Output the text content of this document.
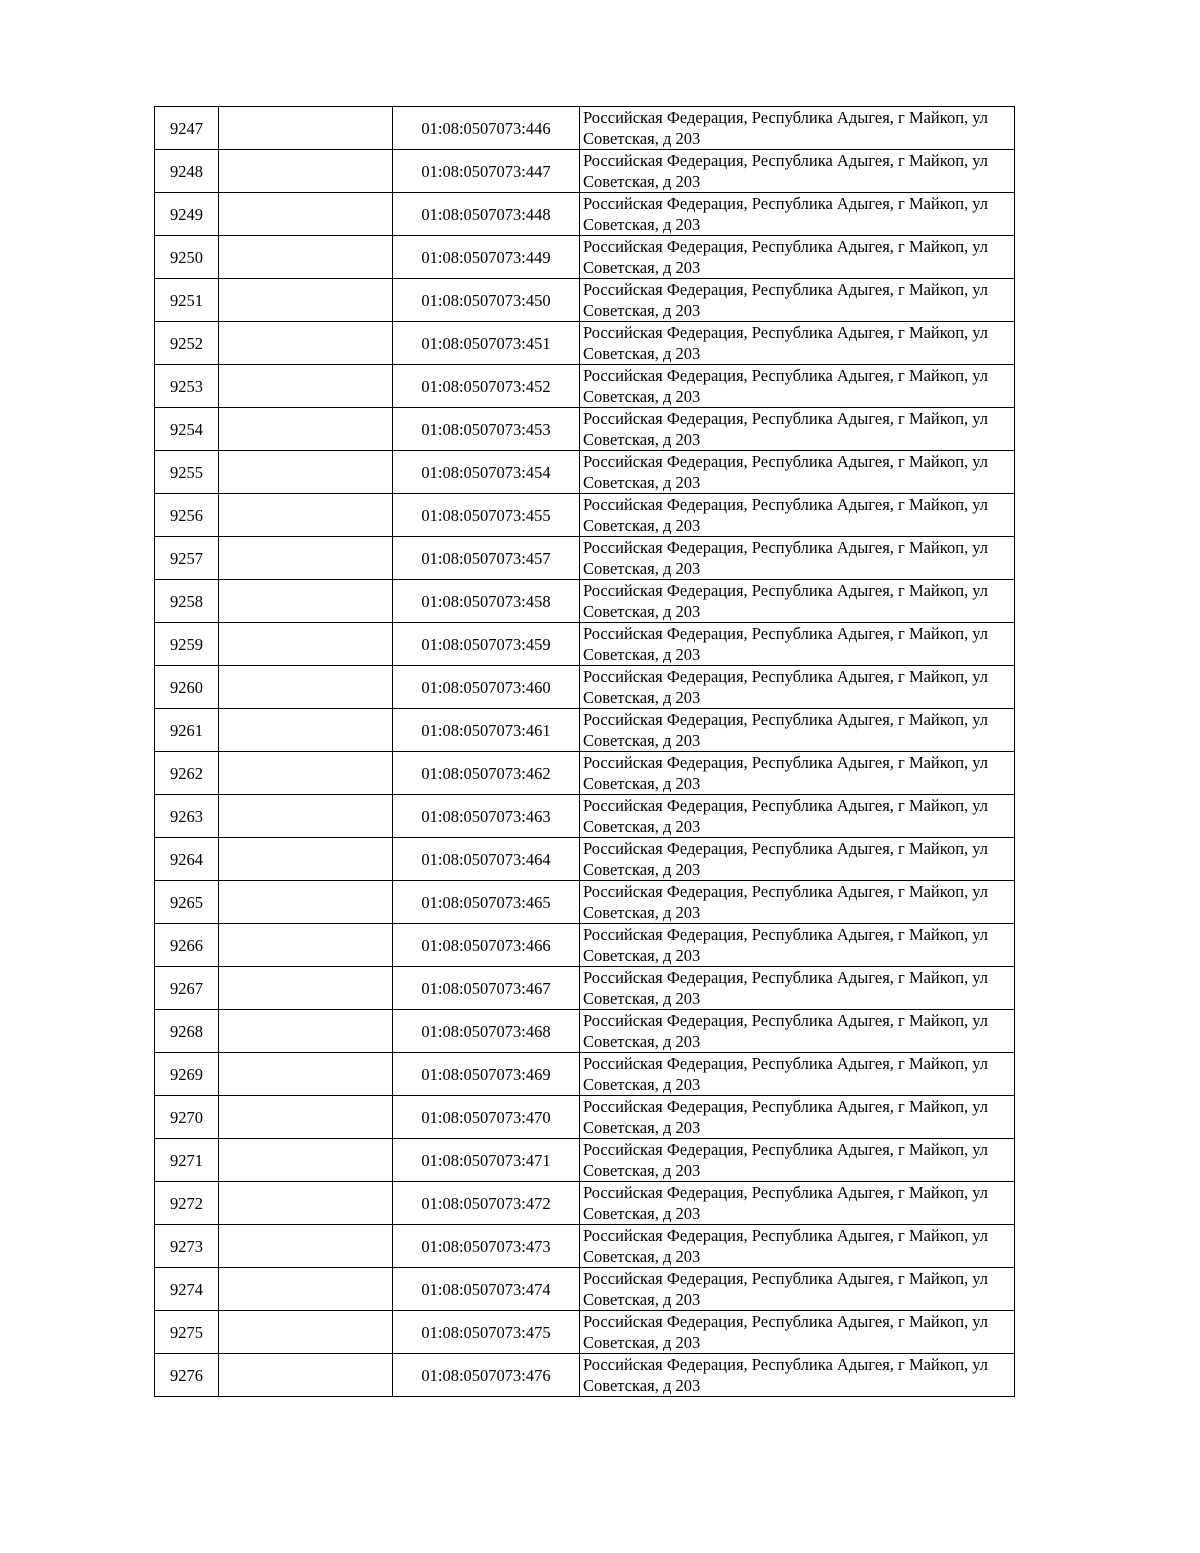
9247		01:08:0507073:446	Российская Федерация, Республика Адыгея, г Майкоп, ул Советская, д 203
9248		01:08:0507073:447	Российская Федерация, Республика Адыгея, г Майкоп, ул Советская, д 203
9249		01:08:0507073:448	Российская Федерация, Республика Адыгея, г Майкоп, ул Советская, д 203
9250		01:08:0507073:449	Российская Федерация, Республика Адыгея, г Майкоп, ул Советская, д 203
9251		01:08:0507073:450	Российская Федерация, Республика Адыгея, г Майкоп, ул Советская, д 203
9252		01:08:0507073:451	Российская Федерация, Республика Адыгея, г Майкоп, ул Советская, д 203
9253		01:08:0507073:452	Российская Федерация, Республика Адыгея, г Майкоп, ул Советская, д 203
9254		01:08:0507073:453	Российская Федерация, Республика Адыгея, г Майкоп, ул Советская, д 203
9255		01:08:0507073:454	Российская Федерация, Республика Адыгея, г Майкоп, ул Советская, д 203
9256		01:08:0507073:455	Российская Федерация, Республика Адыгея, г Майкоп, ул Советская, д 203
9257		01:08:0507073:457	Российская Федерация, Республика Адыгея, г Майкоп, ул Советская, д 203
9258		01:08:0507073:458	Российская Федерация, Республика Адыгея, г Майкоп, ул Советская, д 203
9259		01:08:0507073:459	Российская Федерация, Республика Адыгея, г Майкоп, ул Советская, д 203
9260		01:08:0507073:460	Российская Федерация, Республика Адыгея, г Майкоп, ул Советская, д 203
9261		01:08:0507073:461	Российская Федерация, Республика Адыгея, г Майкоп, ул Советская, д 203
9262		01:08:0507073:462	Российская Федерация, Республика Адыгея, г Майкоп, ул Советская, д 203
9263		01:08:0507073:463	Российская Федерация, Республика Адыгея, г Майкоп, ул Советская, д 203
9264		01:08:0507073:464	Российская Федерация, Республика Адыгея, г Майкоп, ул Советская, д 203
9265		01:08:0507073:465	Российская Федерация, Республика Адыгея, г Майкоп, ул Советская, д 203
9266		01:08:0507073:466	Российская Федерация, Республика Адыгея, г Майкоп, ул Советская, д 203
9267		01:08:0507073:467	Российская Федерация, Республика Адыгея, г Майкоп, ул Советская, д 203
9268		01:08:0507073:468	Российская Федерация, Республика Адыгея, г Майкоп, ул Советская, д 203
9269		01:08:0507073:469	Российская Федерация, Республика Адыгея, г Майкоп, ул Советская, д 203
9270		01:08:0507073:470	Российская Федерация, Республика Адыгея, г Майкоп, ул Советская, д 203
9271		01:08:0507073:471	Российская Федерация, Республика Адыгея, г Майкоп, ул Советская, д 203
9272		01:08:0507073:472	Российская Федерация, Республика Адыгея, г Майкоп, ул Советская, д 203
9273		01:08:0507073:473	Российская Федерация, Республика Адыгея, г Майкоп, ул Советская, д 203
9274		01:08:0507073:474	Российская Федерация, Республика Адыгея, г Майкоп, ул Советская, д 203
9275		01:08:0507073:475	Российская Федерация, Республика Адыгея, г Майкоп, ул Советская, д 203
9276		01:08:0507073:476	Российская Федерация, Республика Адыгея, г Майкоп, ул Советская, д 203
